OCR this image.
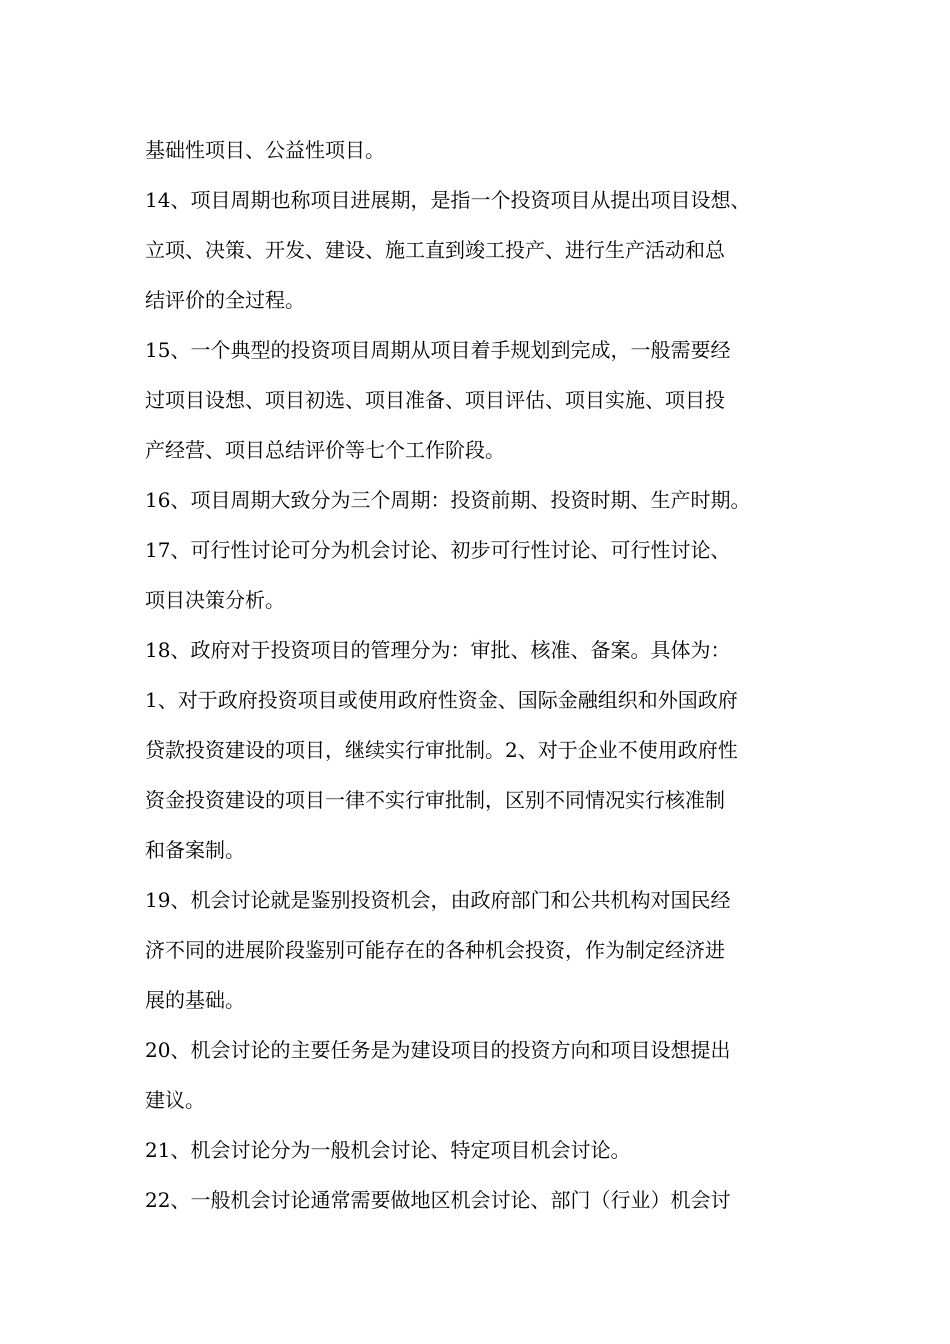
基础性项目、公益性项目。

14、项目周期也称项目进展期，是指一个投资项目从提出项目设想、

立项、决策、开发、建设、施工直到竣工投产、进行生产活动和总

结评价的全过程。

15、一个典型的投资项目周期从项目着手规划到完成，一般需要经

过项目设想、项目初选、项目准备、项目评估、项目实施、项目投

产经营、项目总结评价等七个工作阶段。

16、项目周期大致分为三个周期：投资前期、投资时期、生产时期。

17、可行性讨论可分为机会讨论、初步可行性讨论、可行性讨论、

项目决策分析。

18、政府对于投资项目的管理分为：审批、核准、备案。具体为：

1、对于政府投资项目或使用政府性资金、国际金融组织和外国政府

贷款投资建设的项目，继续实行审批制。2、对于企业不使用政府性

资金投资建设的项目一律不实行审批制，区别不同情况实行核准制

和备案制。

19、机会讨论就是鉴别投资机会，由政府部门和公共机构对国民经

济不同的进展阶段鉴别可能存在的各种机会投资，作为制定经济进

展的基础。

20、机会讨论的主要任务是为建设项目的投资方向和项目设想提出

建议。

21、机会讨论分为一般机会讨论、特定项目机会讨论。

22、一般机会讨论通常需要做地区机会讨论、部门（行业）机会讨
